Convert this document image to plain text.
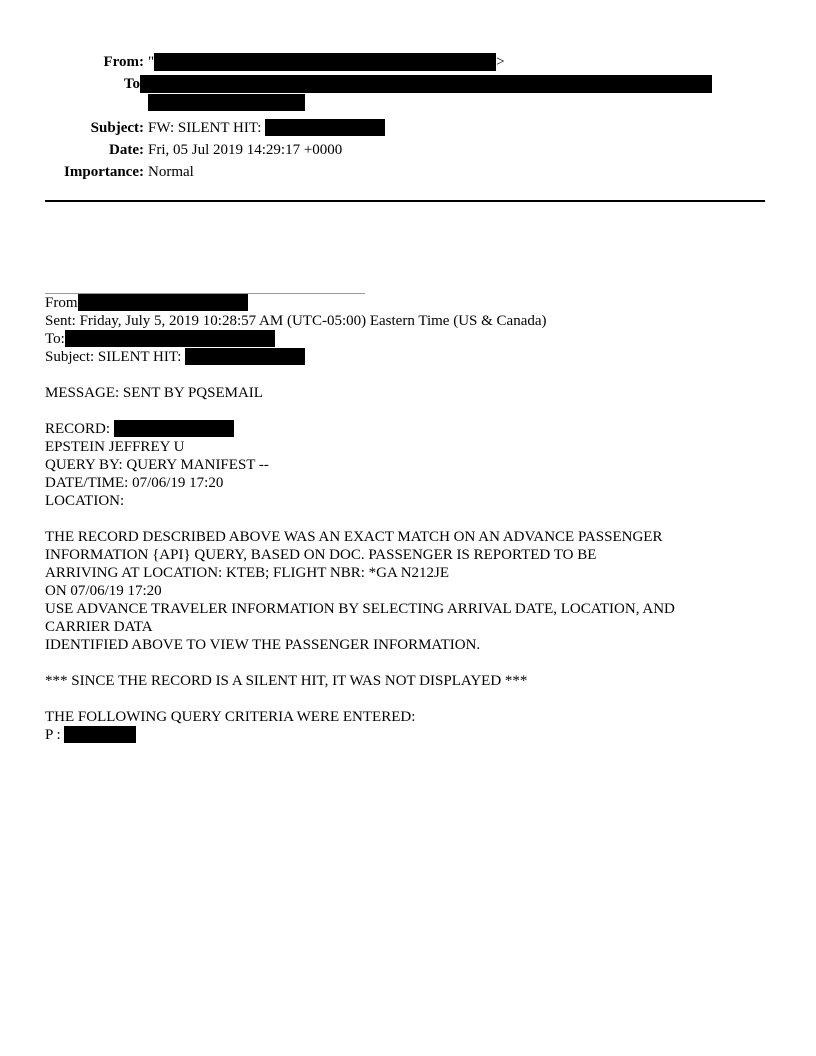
From: "	>
To
Subject: FW: SILENT HIT:
Date: Fri, 05 Jul 2019 14:29:17 +0000
Importance: Normal
From
Sent: Friday, July 5, 2019 10:28:57 AM (UTC-05:00) Eastern Time (US & Canada)
To:
Subject: SILENT HIT:
MESSAGE: SENT BY PQSEMAIL
RECORD:
EPSTEIN JEFFREY U
QUERY BY: QUERY MANIFEST --
DATE/TIME: 07/06/19 17:20
LOCATION:
THE RECORD DESCRIBED ABOVE WAS AN EXACT MATCH ON AN ADVANCE PASSENGER
INFORMATION {API} QUERY, BASED ON DOC. PASSENGER IS REPORTED TO BE
ARRIVING AT LOCATION: KTEB; FLIGHT NBR: *GA N212JE
ON 07/06/19 17:20
USE ADVANCE TRAVELER INFORMATION BY SELECTING ARRIVAL DATE, LOCATION, AND
CARRIER DATA
IDENTIFIED ABOVE TO VIEW THE PASSENGER INFORMATION.
*** SINCE THE RECORD IS A SILENT HIT, IT WAS NOT DISPLAYED ***
THE FOLLOWING QUERY CRITERIA WERE ENTERED:
P :
